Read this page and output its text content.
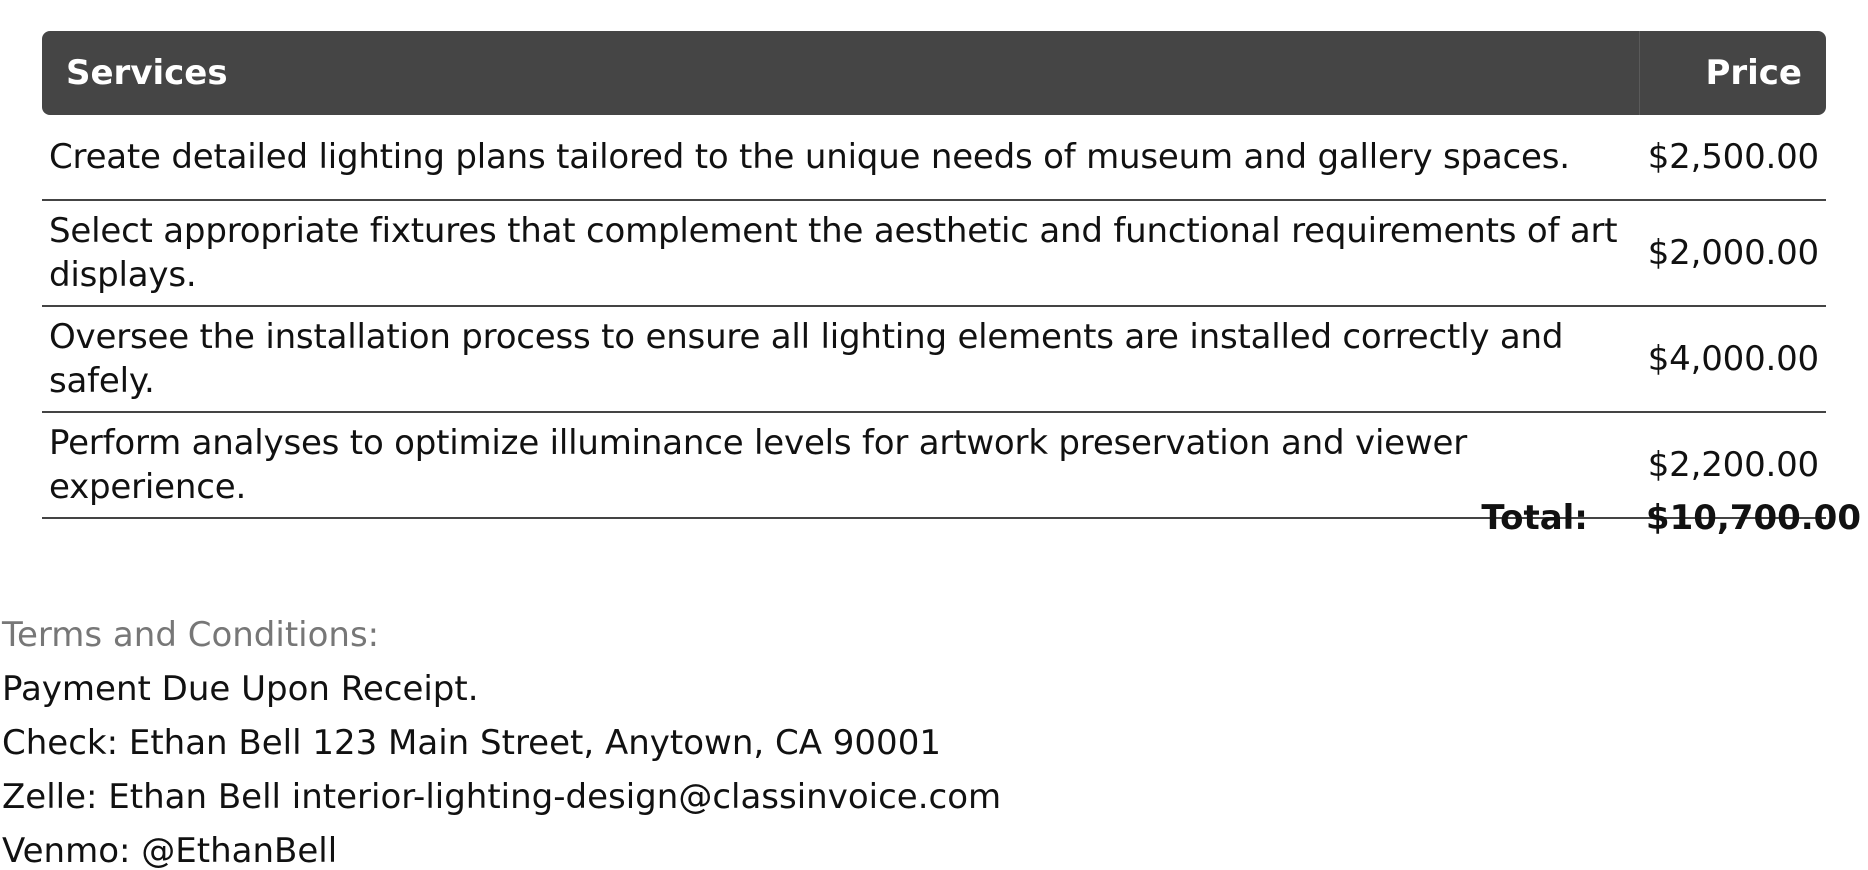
Services	Price
Create detailed lighting plans tailored to the unique needs of museum and gallery spaces.	$2,500.00
Select appropriate fixtures that complement the aesthetic and functional requirements of art displays.	$2,000.00
Oversee the installation process to ensure all lighting elements are installed correctly and safely.	$4,000.00
Perform analyses to optimize illuminance levels for artwork preservation and viewer experience.	$2,200.00
Total: $10,700.00
Terms and Conditions:
Payment Due Upon Receipt.
Check: Ethan Bell 123 Main Street, Anytown, CA 90001
Zelle: Ethan Bell interior-lighting-design@classinvoice.com
Venmo: @EthanBell
